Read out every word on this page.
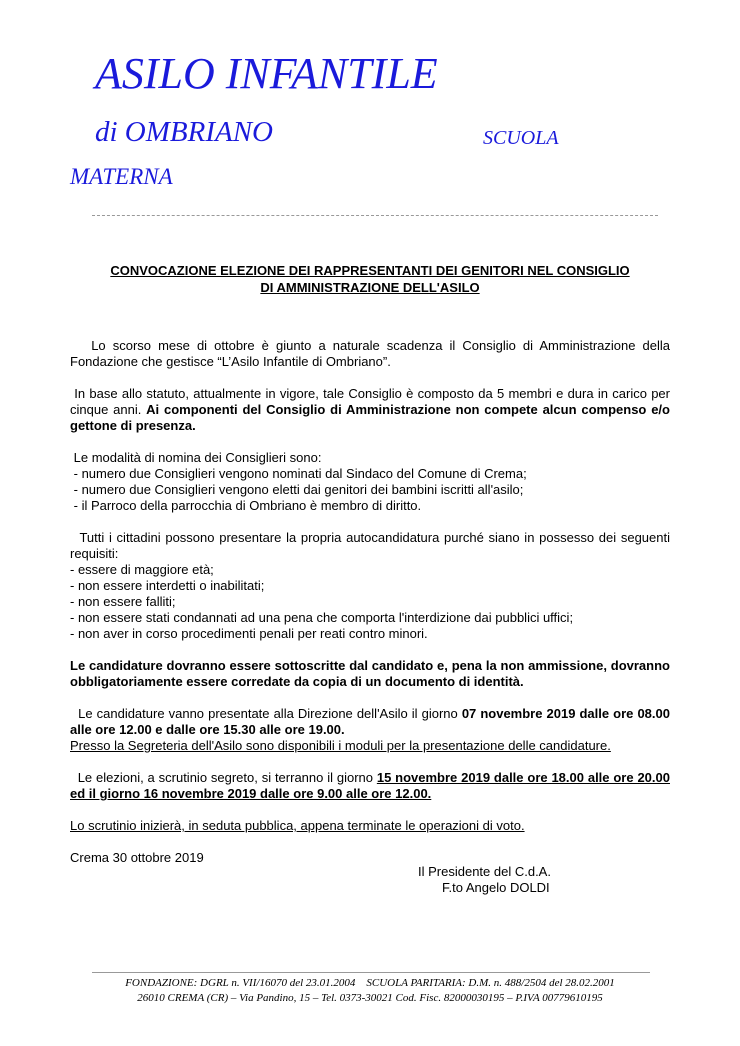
ASILO INFANTILE
di OMBRIANO	SCUOLA
MATERNA
CONVOCAZIONE ELEZIONE DEI RAPPRESENTANTI DEI GENITORI NEL CONSIGLIO
DI AMMINISTRAZIONE DELL'ASILO

Lo scorso mese di ottobre è giunto a naturale scadenza il Consiglio di Amministrazione della Fondazione che gestisce “L’Asilo Infantile di Ombriano”.

In base allo statuto, attualmente in vigore, tale Consiglio è composto da 5 membri e dura in carico per cinque anni. Ai componenti del Consiglio di Amministrazione non compete alcun compenso e/o gettone di presenza.

Le modalità di nomina dei Consiglieri sono:
- numero due Consiglieri vengono nominati dal Sindaco del Comune di Crema;
- numero due Consiglieri vengono eletti dai genitori dei bambini iscritti all'asilo;
- il Parroco della parrocchia di Ombriano è membro di diritto.

Tutti i cittadini possono presentare la propria autocandidatura purché siano in possesso dei seguenti requisiti:

- essere di maggiore età;
- non essere interdetti o inabilitati;
- non essere falliti;
- non essere stati condannati ad una pena che comporta l'interdizione dai pubblici uffici;
- non aver in corso procedimenti penali per reati contro minori.

Le candidature dovranno essere sottoscritte dal candidato e, pena la non ammissione, dovranno obbligatoriamente essere corredate da copia di un documento di identità.

Le candidature vanno presentate alla Direzione dell'Asilo il giorno 07 novembre 2019 dalle ore 08.00 alle ore 12.00 e dalle ore 15.30 alle ore 19.00.

Presso la Segreteria dell'Asilo sono disponibili i moduli per la presentazione delle candidature.

Le elezioni, a scrutinio segreto, si terranno il giorno 15 novembre 2019 dalle ore 18.00 alle ore 20.00 ed il giorno 16 novembre 2019 dalle ore 9.00 alle ore 12.00.

Lo scrutinio inizierà, in seduta pubblica, appena terminate le operazioni di voto.

Crema 30 ottobre 2019

Il Presidente del C.d.A.
F.to Angelo DOLDI
FONDAZIONE: DGRL n. VII/16070 del 23.01.2004    SCUOLA PARITARIA: D.M. n. 488/2504 del 28.02.2001
26010 CREMA (CR) – Via Pandino, 15 – Tel. 0373-30021 Cod. Fisc. 82000030195 – P.IVA 00779610195
